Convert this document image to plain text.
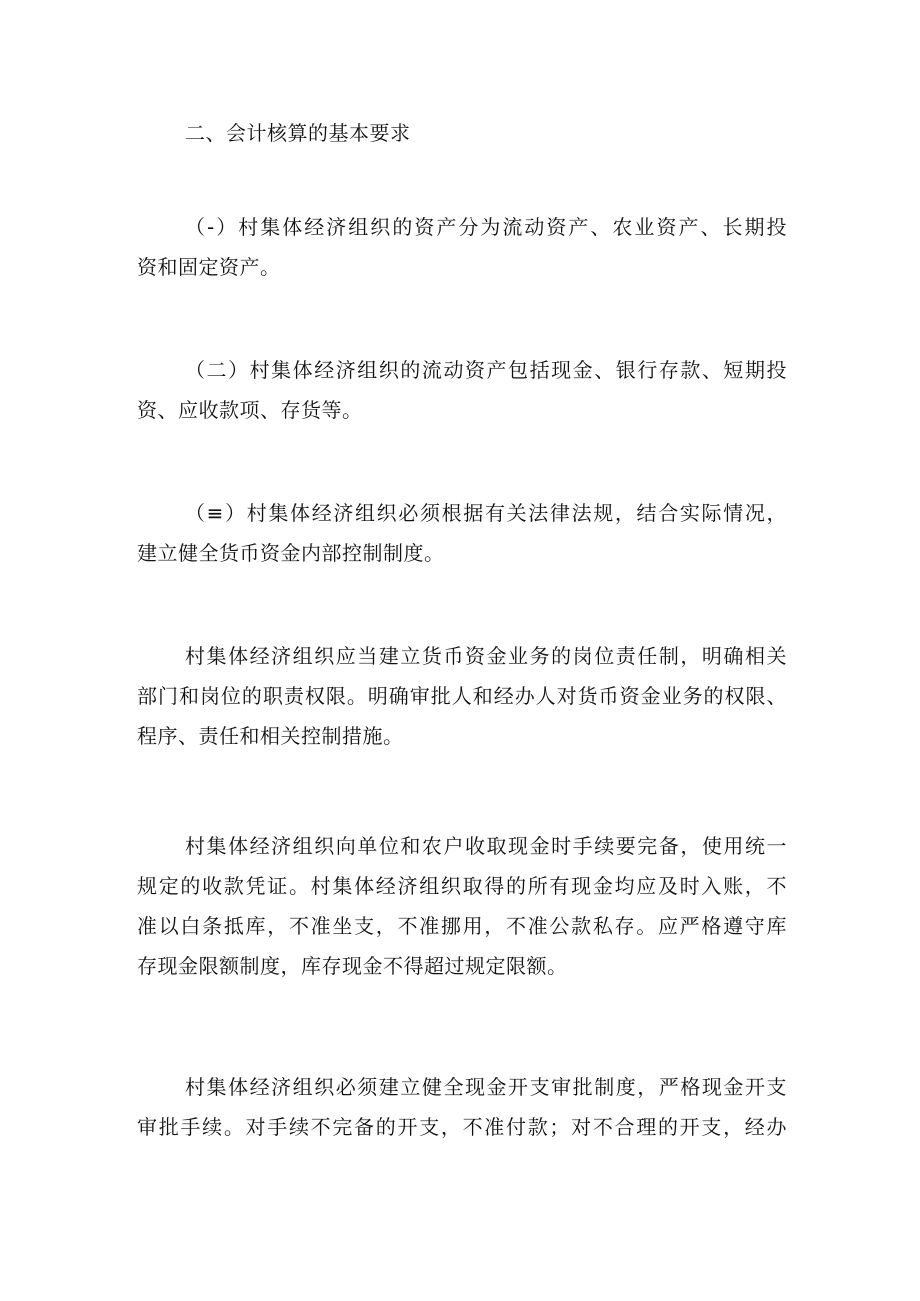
二、会计核算的基本要求
（-）村集体经济组织的资产分为流动资产、农业资产、长期投
资和固定资产。
（二）村集体经济组织的流动资产包括现金、银行存款、短期投
资、应收款项、存货等。
（≡）村集体经济组织必须根据有关法律法规，结合实际情况，
建立健全货币资金内部控制制度。
村集体经济组织应当建立货币资金业务的岗位责任制，明确相关
部门和岗位的职责权限。明确审批人和经办人对货币资金业务的权限、
程序、责任和相关控制措施。
村集体经济组织向单位和农户收取现金时手续要完备，使用统一
规定的收款凭证。村集体经济组织取得的所有现金均应及时入账，不
准以白条抵库，不准坐支，不准挪用，不准公款私存。应严格遵守库
存现金限额制度，库存现金不得超过规定限额。
村集体经济组织必须建立健全现金开支审批制度，严格现金开支
审批手续。对手续不完备的开支，不准付款；对不合理的开支，经办
